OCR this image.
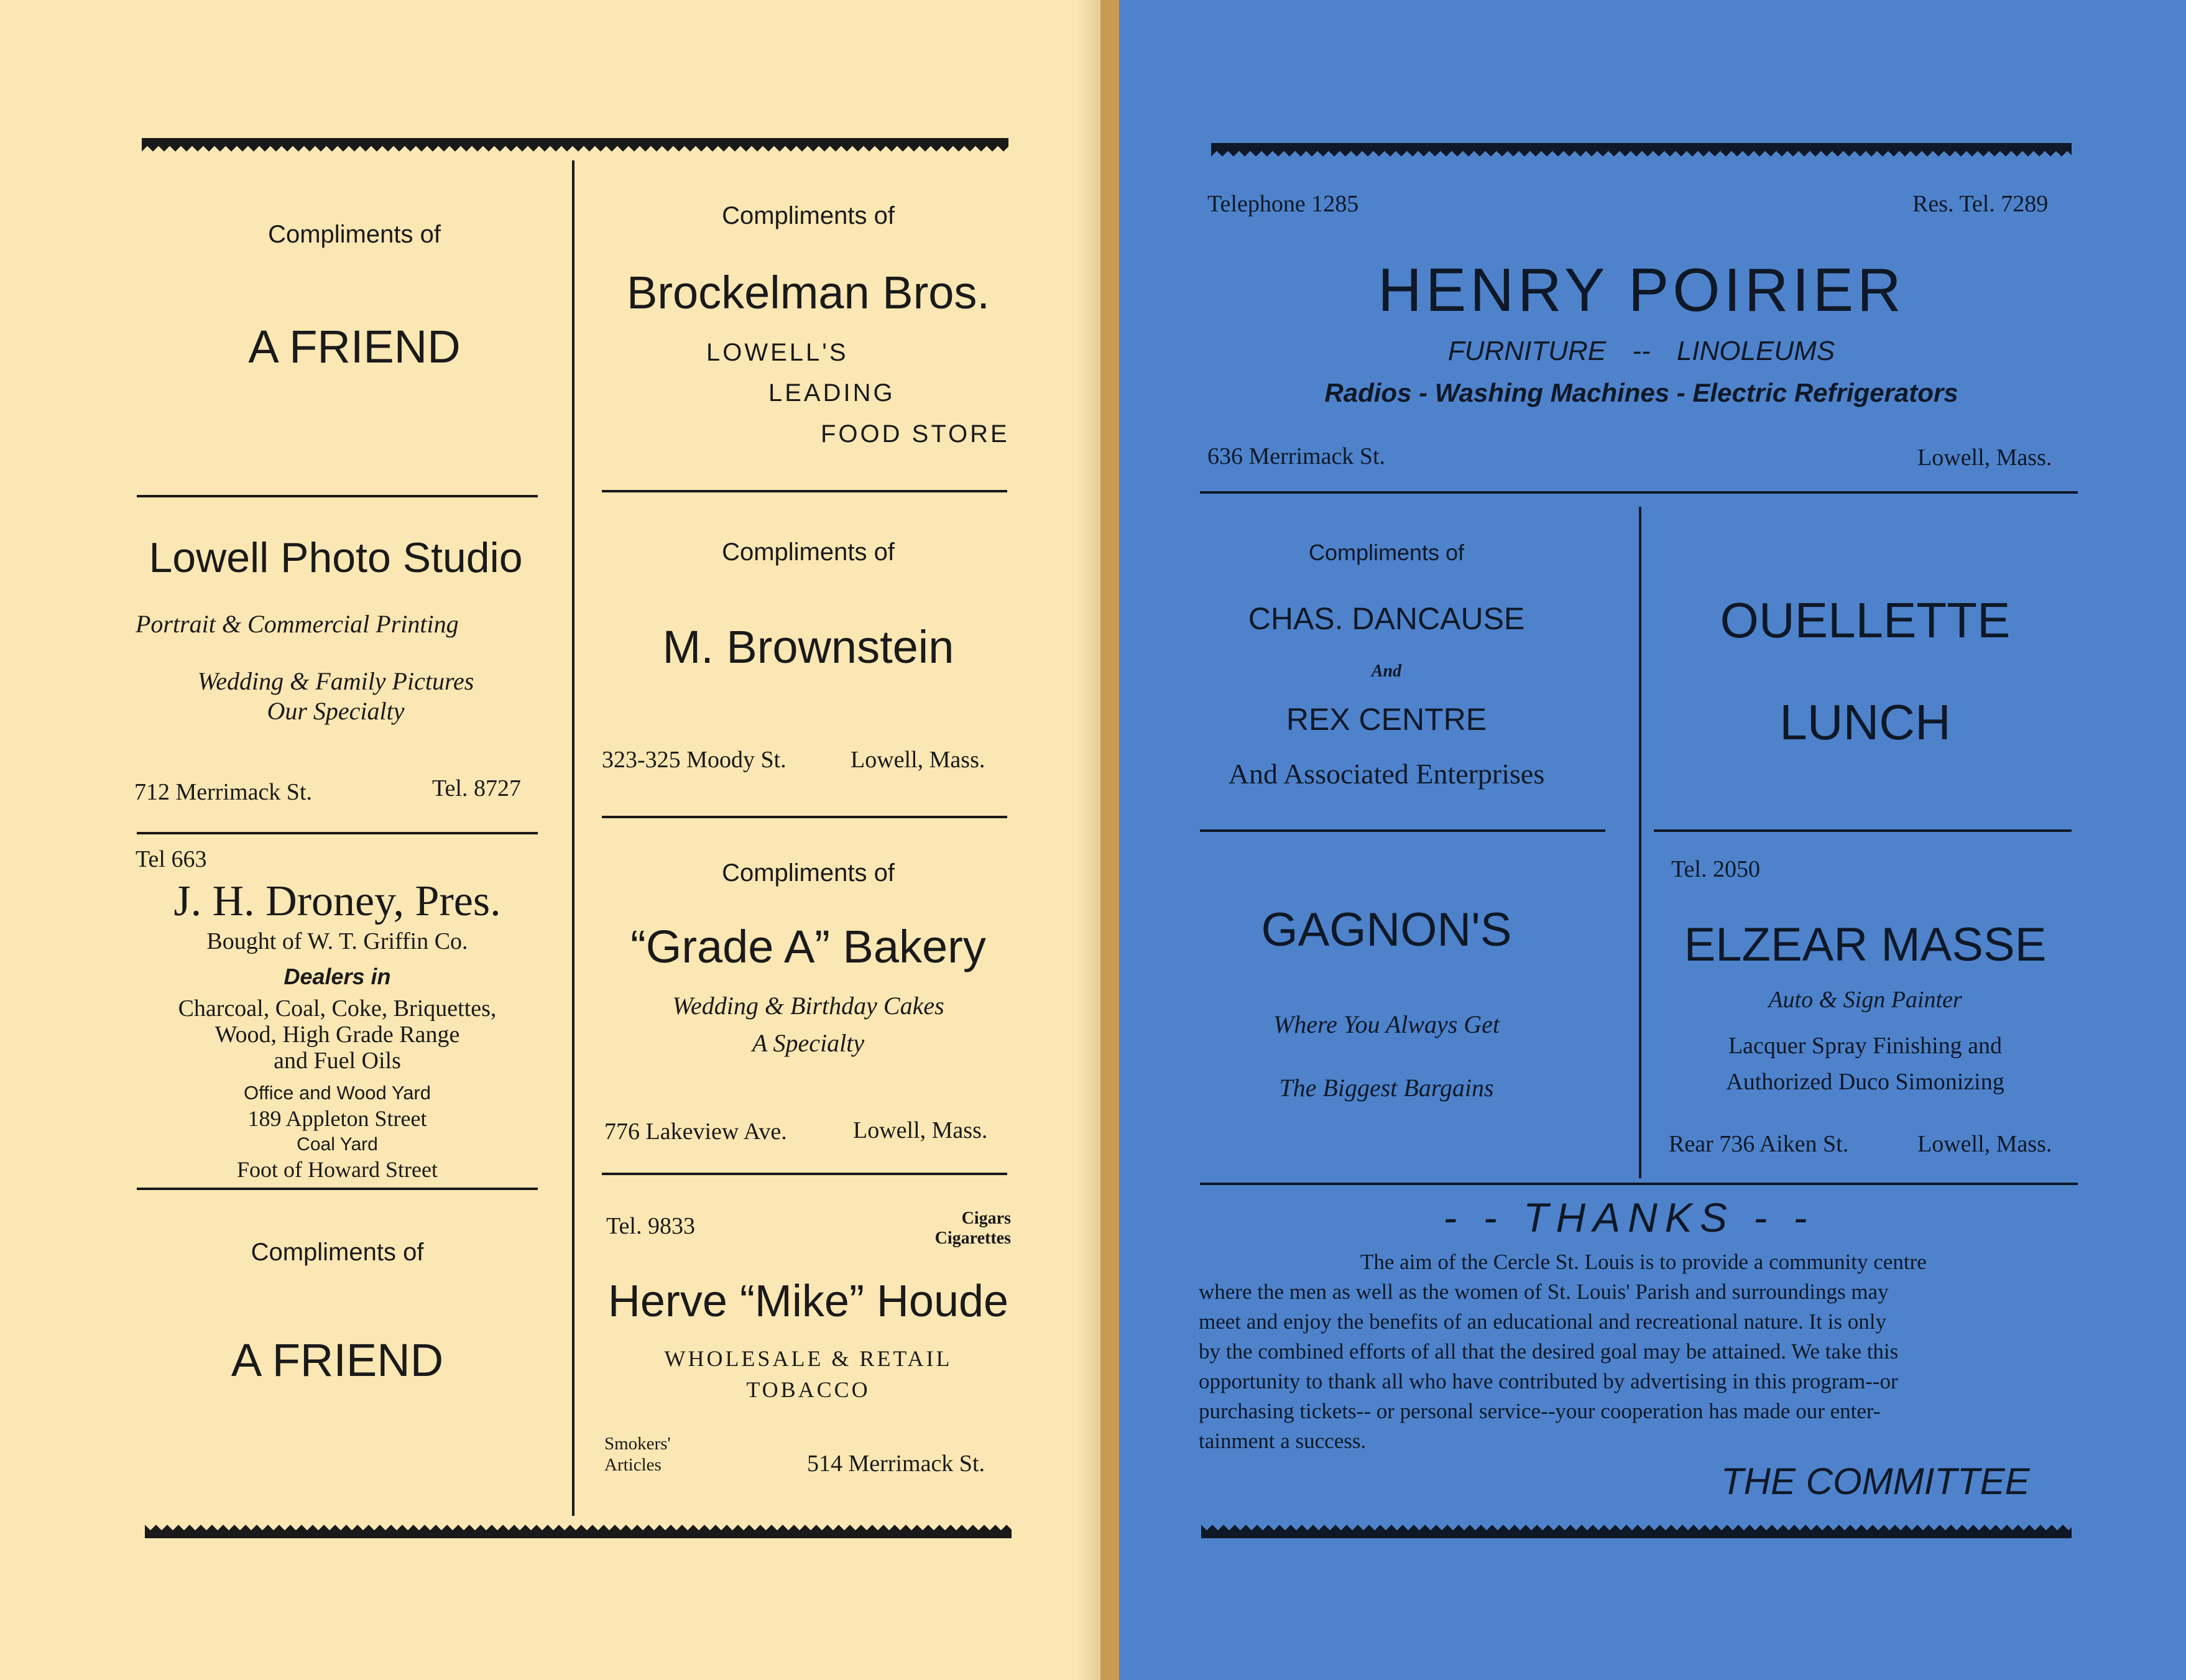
Compliments of
A FRIEND
Compliments of
Brockelman Bros.
LOWELL'S
LEADING
FOOD STORE
Lowell Photo Studio
Portrait & Commercial Printing
Wedding & Family Pictures
Our Specialty
712 Merrimack St.	Tel. 8727
Compliments of
M. Brownstein
323-325 Moody St.	Lowell, Mass.
Tel 663
J. H. Droney, Pres.
Bought of W. T. Griffin Co.
Dealers in
Charcoal, Coal, Coke, Briquettes,
Wood, High Grade Range
and Fuel Oils
Office and Wood Yard
189 Appleton Street
Coal Yard
Foot of Howard Street
Compliments of
“Grade A” Bakery
Wedding & Birthday Cakes
A Specialty
776 Lakeview Ave.	Lowell, Mass.
Compliments of
A FRIEND
Tel. 9833	Cigars
Cigarettes
Herve “Mike” Houde
WHOLESALE & RETAIL
TOBACCO
Smokers'
Articles	514 Merrimack St.
Telephone 1285	Res. Tel. 7289
HENRY POIRIER
FURNITURE -- LINOLEUMS
Radios - Washing Machines - Electric Refrigerators
636 Merrimack St.	Lowell, Mass.
Compliments of
CHAS. DANCAUSE
And
REX CENTRE
And Associated Enterprises
OUELLETTE
LUNCH
GAGNON'S
Where You Always Get
The Biggest Bargains
Tel. 2050
ELZEAR MASSE
Auto & Sign Painter
Lacquer Spray Finishing and
Authorized Duco Simonizing
Rear 736 Aiken St.	Lowell, Mass.
- - THANKS - -
The aim of the Cercle St. Louis is to provide a community centre
where the men as well as the women of St. Louis' Parish and surroundings may
meet and enjoy the benefits of an educational and recreational nature. It is only
by the combined efforts of all that the desired goal may be attained. We take this
opportunity to thank all who have contributed by advertising in this program--or
purchasing tickets-- or personal service--your cooperation has made our enter-
tainment a success.
THE COMMITTEE
